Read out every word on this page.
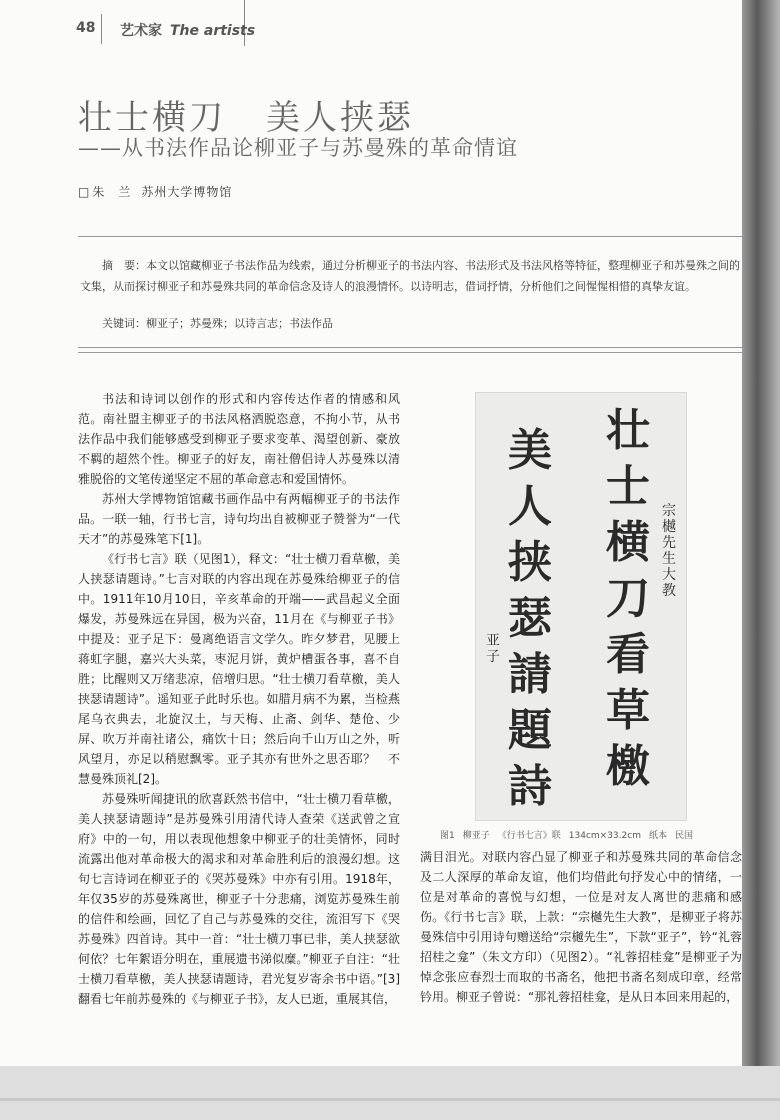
48 艺术家 The artists
壮士横刀 美人挟瑟
——从书法作品论柳亚子与苏曼殊的革命情谊
□ 朱　兰 苏州大学博物馆

摘　要：本文以馆藏柳亚子书法作品为线索，通过分析柳亚子的书法内容、书法形式及书法风格等特征，整理柳亚子和苏曼殊之间的文集，从而探讨柳亚子和苏曼殊共同的革命信念及诗人的浪漫情怀。以诗明志，借词抒情，分析他们之间惺惺相惜的真挚友谊。

关键词：柳亚子；苏曼殊；以诗言志；书法作品

书法和诗词以创作的形式和内容传达作者的情感和风范。南社盟主柳亚子的书法风格洒脱恣意，不拘小节，从书法作品中我们能够感受到柳亚子要求变革、渴望创新、豪放不羁的超然个性。柳亚子的好友，南社僧侣诗人苏曼殊以清雅脱俗的文笔传递坚定不屈的革命意志和爱国情怀。

苏州大学博物馆馆藏书画作品中有两幅柳亚子的书法作品。一联一轴，行书七言，诗句均出自被柳亚子赞誉为“一代天才”的苏曼殊笔下[1]。

《行书七言》联（见图1），释文：“壮士横刀看草檄，美人挟瑟请题诗。”七言对联的内容出现在苏曼殊给柳亚子的信中。1911年10月10日，辛亥革命的开端——武昌起义全面爆发，苏曼殊远在异国，极为兴奋，11月在《与柳亚子书》中提及：亚子足下：曼离绝语言文学久。昨夕梦君，见腰上蒋虹字腿，嘉兴大头菜，枣泥月饼，黄炉槽蛋各事，喜不自胜；比醒则又万绪悲凉，倍增归思。“壮士横刀看草檄，美人挟瑟请题诗”。遥知亚子此时乐也。如腊月病不为累，当检燕尾乌衣典去，北旋汉土，与天梅、止斋、剑华、楚伧、少屏、吹万并南社诸公，痛饮十日；然后向千山万山之外，听风望月，亦足以稍慰飘零。亚子其亦有世外之思否耶？　不慧曼殊顶礼[2]。

苏曼殊听闻捷讯的欣喜跃然书信中，“壮士横刀看草檄，美人挟瑟请题诗”是苏曼殊引用清代诗人查荣《送武曾之宣府》中的一句，用以表现他想象中柳亚子的壮美情怀，同时流露出他对革命极大的渴求和对革命胜利后的浪漫幻想。这句七言诗词在柳亚子的《哭苏曼殊》中亦有引用。1918年，年仅35岁的苏曼殊离世，柳亚子十分悲痛，浏览苏曼殊生前的信件和绘画，回忆了自己与苏曼殊的交往，流泪写下《哭苏曼殊》四首诗。其中一首：“壮士横刀事已非，美人挟瑟欲何依？七年絮语分明在，重展遗书涕似糜。”柳亚子自注：“壮士横刀看草檄，美人挟瑟请题诗，君光复岁寄余书中语。”[3]翻看七年前苏曼殊的《与柳亚子书》，友人已逝，重展其信，

壮
士
横
刀
看
草
檄
美
人
挟
瑟
請
題
詩
宗
樾
先
生
大
教
亚
子
图1 柳亚子 《行书七言》联 134cm×33.2cm 纸本 民国

满目泪光。对联内容凸显了柳亚子和苏曼殊共同的革命信念及二人深厚的革命友谊，他们均借此句抒发心中的情绪，一位是对革命的喜悦与幻想，一位是对友人离世的悲痛和感伤。《行书七言》联，上款：“宗樾先生大教”，是柳亚子将苏曼殊信中引用诗句赠送给“宗樾先生”，下款“亚子”，钤“礼蓉招桂之龛”（朱文方印）（见图2）。“礼蓉招桂龛”是柳亚子为悼念张应春烈士而取的书斋名，他把书斋名刻成印章，经常钤用。柳亚子曾说：“那礼蓉招桂龛，是从日本回来用起的，
